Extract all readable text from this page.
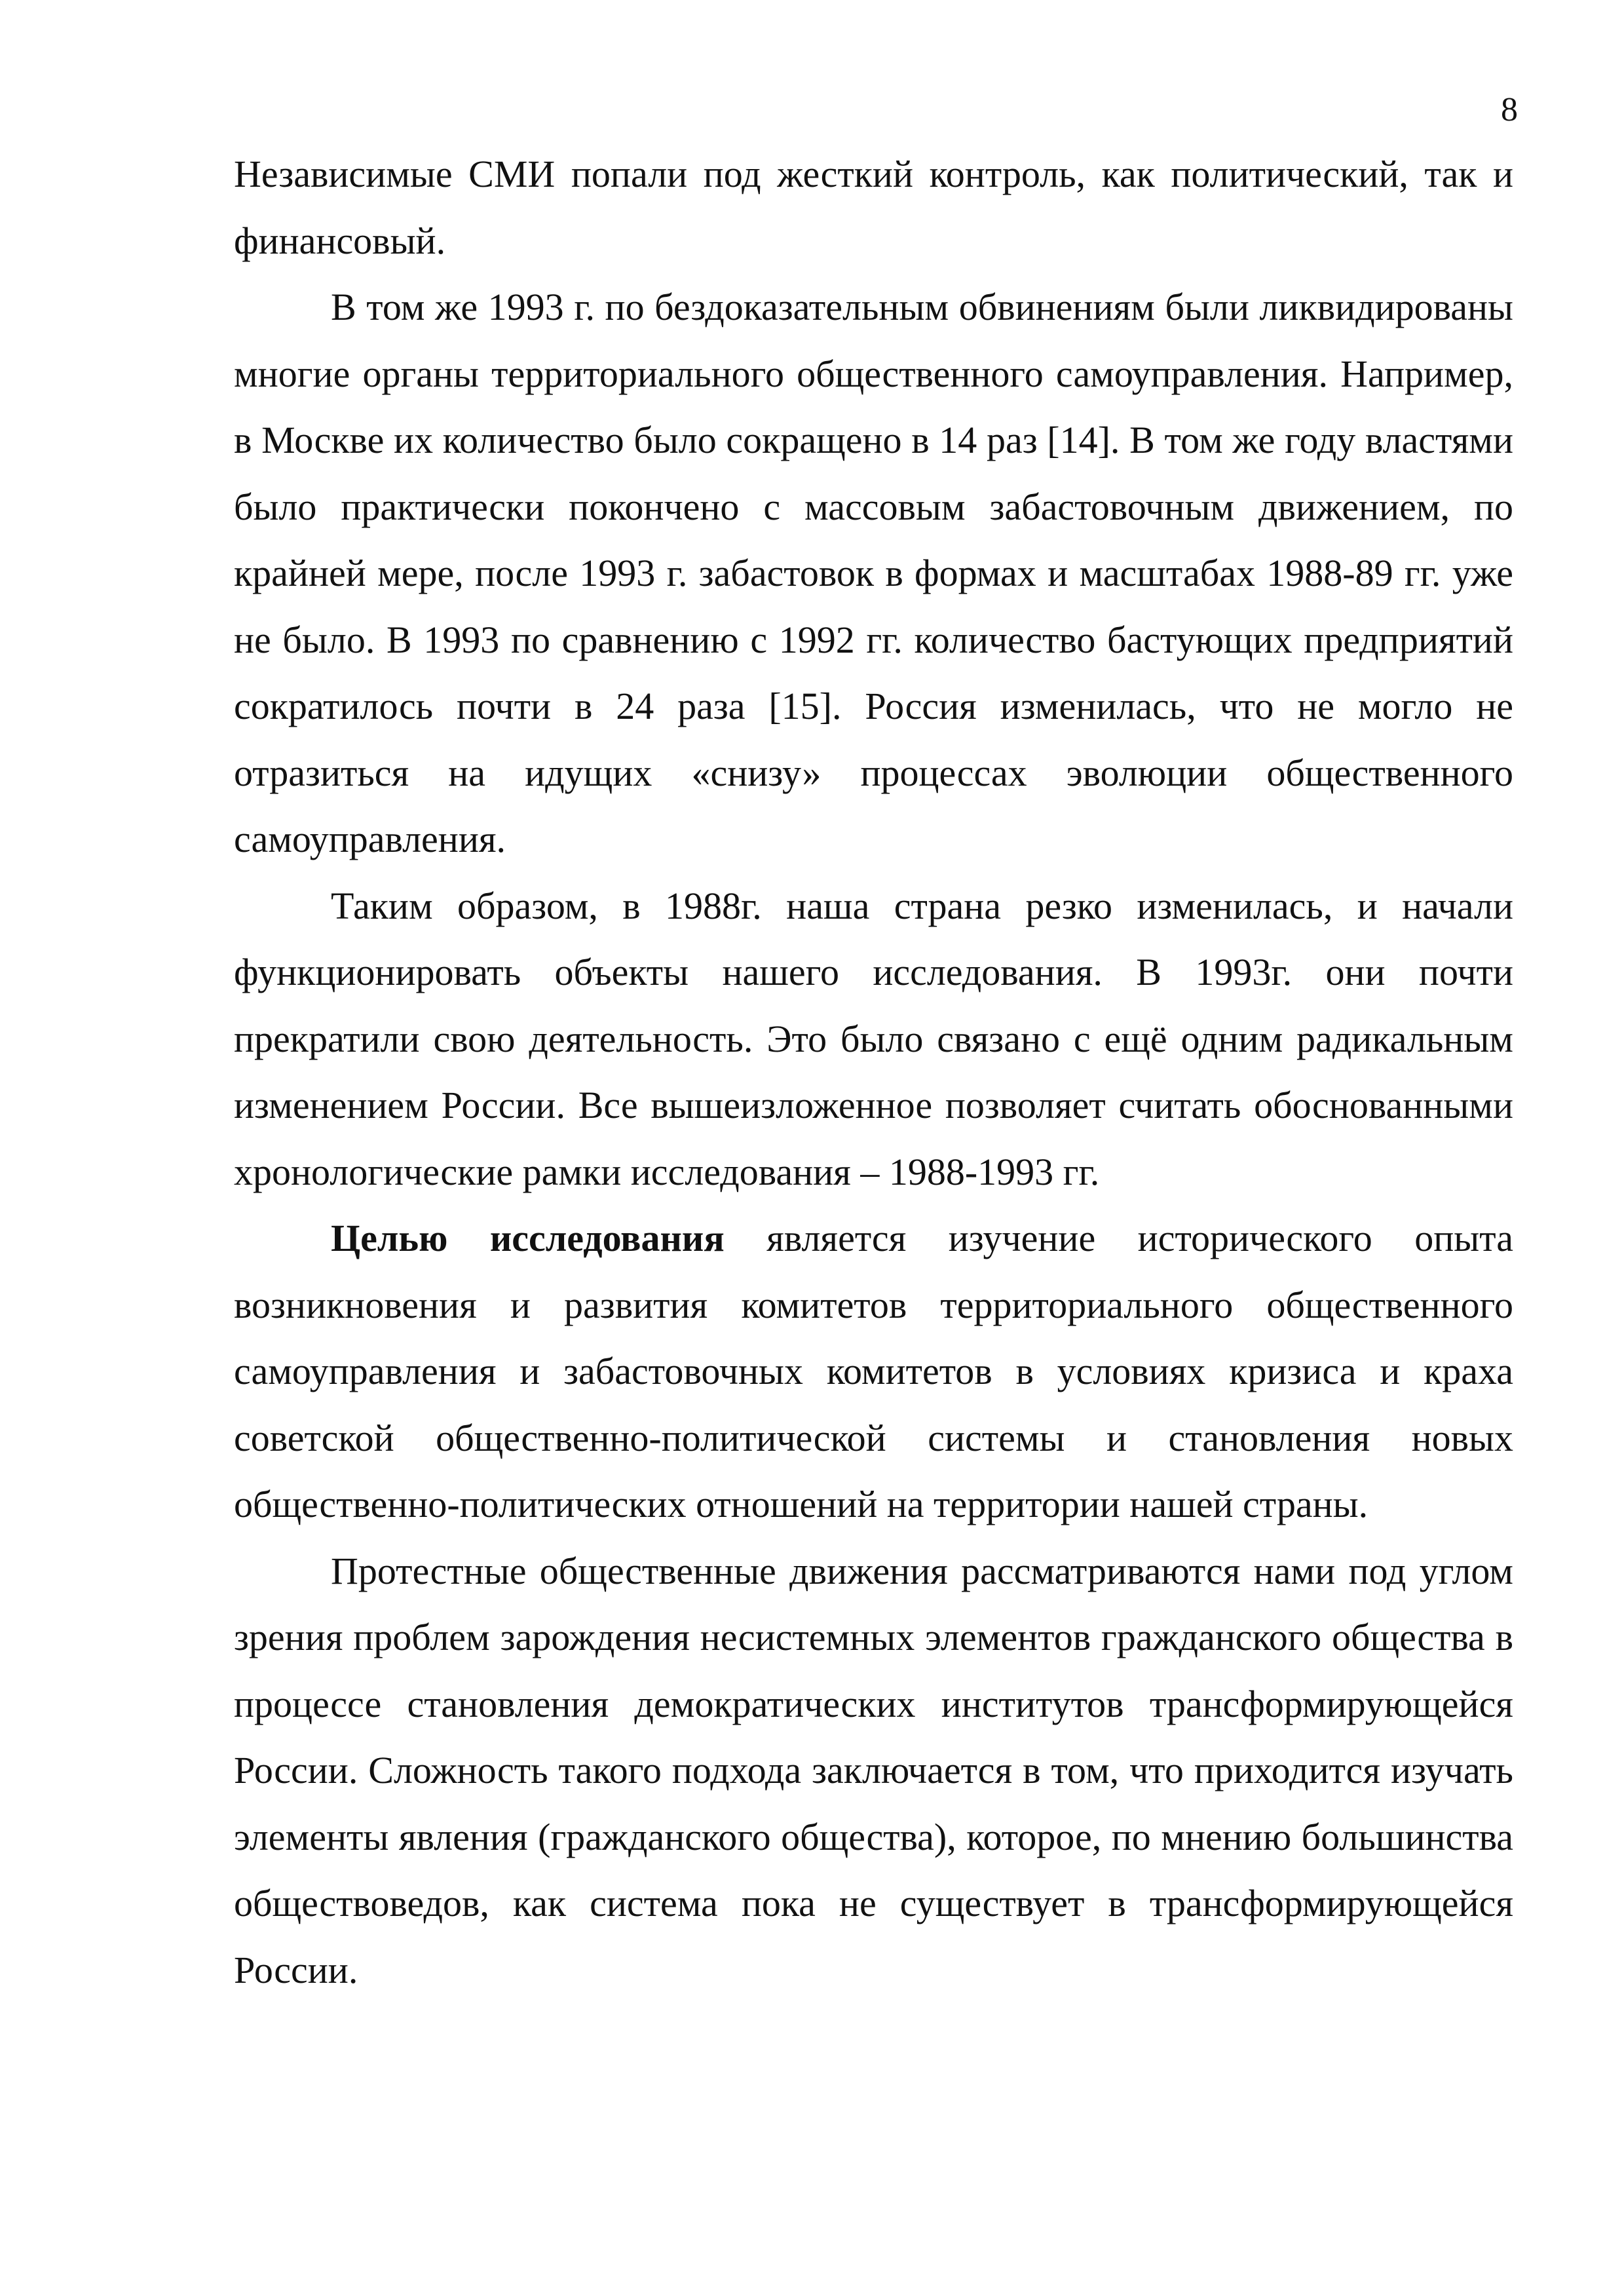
8

Независимые СМИ попали под жесткий контроль, как политический, так и финансовый.

В том же 1993 г. по бездоказательным обвинениям были ликвидированы многие органы территориального общественного самоуправления. Например, в Москве их количество было сокращено в 14 раз [14]. В том же году властями было практически покончено с массовым забастовочным движением, по крайней мере, после 1993 г. забастовок в формах и масштабах 1988-89 гг. уже не было. В 1993 по сравнению с 1992 гг. количество бастующих предприятий сократилось почти в 24 раза [15]. Россия изменилась, что не могло не отразиться на идущих «снизу» процессах эволюции общественного самоуправления.

Таким образом, в 1988г. наша страна резко изменилась, и начали функционировать объекты нашего исследования. В 1993г. они почти прекратили свою деятельность. Это было связано с ещё одним радикальным изменением России. Все вышеизложенное позволяет считать обоснованными хронологические рамки исследования – 1988-1993 гг.

Целью исследования является изучение исторического опыта возникновения и развития комитетов территориального общественного самоуправления и забастовочных комитетов в условиях кризиса и краха советской общественно-политической системы и становления новых общественно-политических отношений на территории нашей страны.

Протестные общественные движения рассматриваются нами под углом зрения проблем зарождения несистемных элементов гражданского общества в процессе становления демократических институтов трансформирующейся России. Сложность такого подхода заключается в том, что приходится изучать элементы явления (гражданского общества), которое, по мнению большинства обществоведов, как система пока не существует в трансформирующейся России.
